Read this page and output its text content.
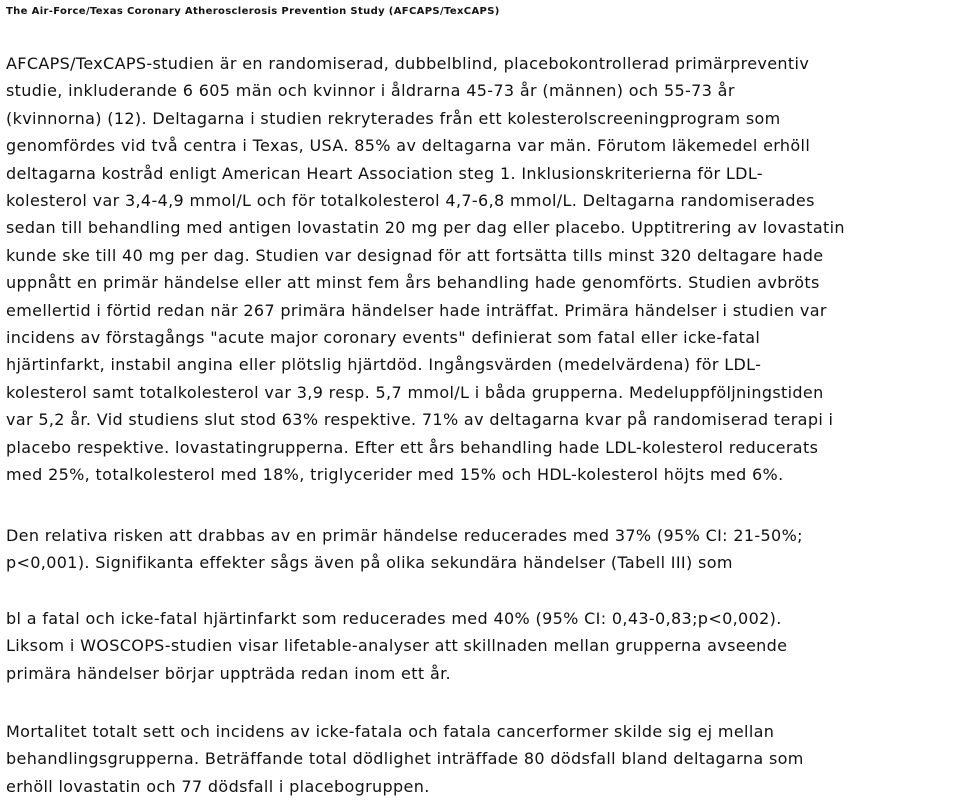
The Air-Force/Texas Coronary Atherosclerosis Prevention Study (AFCAPS/TexCAPS)

AFCAPS/TexCAPS-studien är en randomiserad, dubbelblind, placebokontrollerad primärpreventiv
studie, inkluderande 6 605 män och kvinnor i åldrarna 45-73 år (männen) och 55-73 år
(kvinnorna) (12). Deltagarna i studien rekryterades från ett kolesterolscreeningprogram som
genomfördes vid två centra i Texas, USA. 85% av deltagarna var män. Förutom läkemedel erhöll
deltagarna kostråd enligt American Heart Association steg 1. Inklusionskriterierna för LDL-
kolesterol var 3,4-4,9 mmol/L och för totalkolesterol 4,7-6,8 mmol/L. Deltagarna randomiserades
sedan till behandling med antigen lovastatin 20 mg per dag eller placebo. Upptitrering av lovastatin
kunde ske till 40 mg per dag. Studien var designad för att fortsätta tills minst 320 deltagare hade
uppnått en primär händelse eller att minst fem års behandling hade genomförts. Studien avbröts
emellertid i förtid redan när 267 primära händelser hade inträffat. Primära händelser i studien var
incidens av förstagångs "acute major coronary events" definierat som fatal eller icke-fatal
hjärtinfarkt, instabil angina eller plötslig hjärtdöd. Ingångsvärden (medelvärdena) för LDL-
kolesterol samt totalkolesterol var 3,9 resp. 5,7 mmol/L i båda grupperna. Medeluppföljningstiden
var 5,2 år. Vid studiens slut stod 63% respektive. 71% av deltagarna kvar på randomiserad terapi i
placebo respektive. lovastatingrupperna. Efter ett års behandling hade LDL-kolesterol reducerats
med 25%, totalkolesterol med 18%, triglycerider med 15% och HDL-kolesterol höjts med 6%.

Den relativa risken att drabbas av en primär händelse reducerades med 37% (95% CI: 21-50%;
p<0,001). Signifikanta effekter sågs även på olika sekundära händelser (Tabell III) som

bl a fatal och icke-fatal hjärtinfarkt som reducerades med 40% (95% CI: 0,43-0,83;p<0,002).
Liksom i WOSCOPS-studien visar lifetable-analyser att skillnaden mellan grupperna avseende
primära händelser börjar uppträda redan inom ett år.

Mortalitet totalt sett och incidens av icke-fatala och fatala cancerformer skilde sig ej mellan
behandlingsgrupperna. Beträffande total dödlighet inträffade 80 dödsfall bland deltagarna som
erhöll lovastatin och 77 dödsfall i placebogruppen.
